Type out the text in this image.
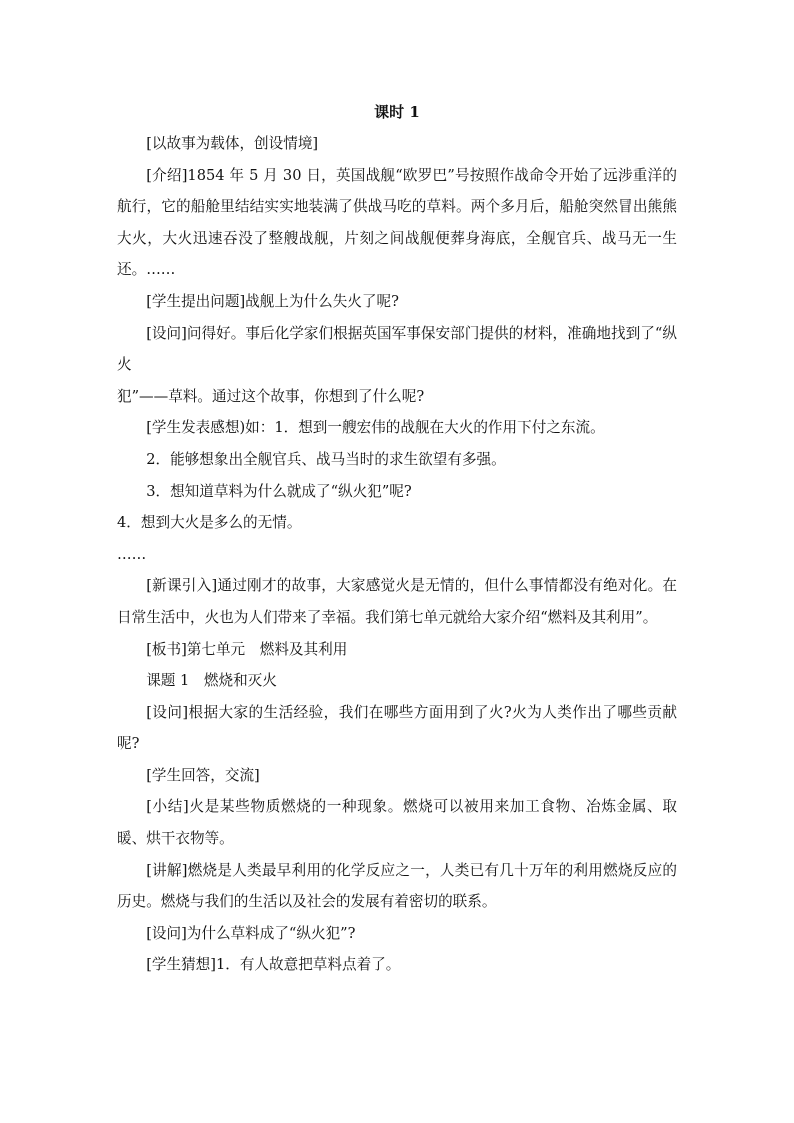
课时 1

[以故事为载体，创设情境]

[介绍]1854 年 5 月 30 日，英国战舰“欧罗巴”号按照作战命令开始了远涉重洋的航行，它的船舱里结结实实地装满了供战马吃的草料。两个多月后，船舱突然冒出熊熊大火，大火迅速吞没了整艘战舰，片刻之间战舰便葬身海底，全舰官兵、战马无一生还。……

[学生提出问题]战舰上为什么失火了呢?

[设问]问得好。事后化学家们根据英国军事保安部门提供的材料，准确地找到了“纵火

犯”——草料。通过这个故事，你想到了什么呢?

[学生发表感想)如：1．想到一艘宏伟的战舰在大火的作用下付之东流。

2．能够想象出全舰官兵、战马当时的求生欲望有多强。

3．想知道草料为什么就成了“纵火犯”呢?

4．想到大火是多么的无情。

……

[新课引入]通过刚才的故事，大家感觉火是无情的，但什么事情都没有绝对化。在日常生活中，火也为人们带来了幸福。我们第七单元就给大家介绍“燃料及其利用”。

[板书]第七单元　燃料及其利用

课题 1　燃烧和灭火

[设问]根据大家的生活经验，我们在哪些方面用到了火?火为人类作出了哪些贡献呢?

[学生回答，交流]

[小结]火是某些物质燃烧的一种现象。燃烧可以被用来加工食物、冶炼金属、取暖、烘干衣物等。

[讲解]燃烧是人类最早利用的化学反应之一，人类已有几十万年的利用燃烧反应的历史。燃烧与我们的生活以及社会的发展有着密切的联系。

[设问]为什么草料成了“纵火犯”?

[学生猜想]1．有人故意把草料点着了。
